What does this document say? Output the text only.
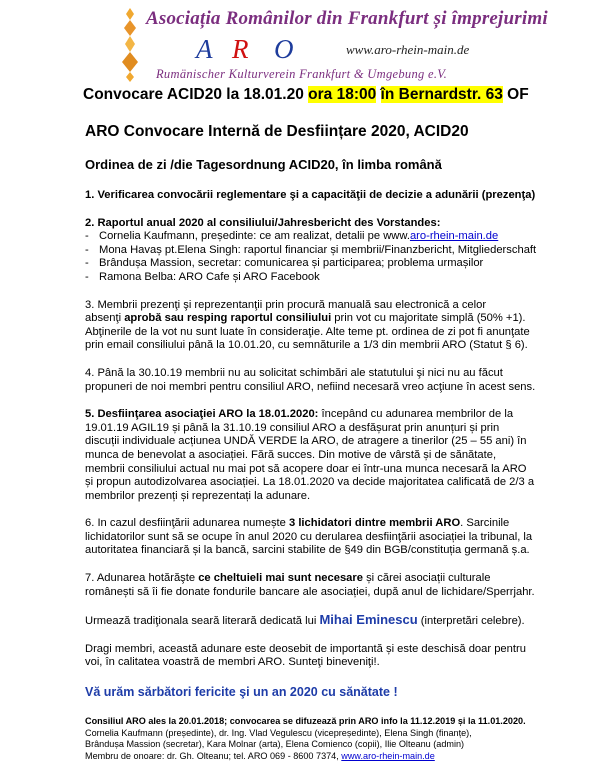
Asociația Românilor din Frankfurt și împrejurimi
A R O	www.aro-rhein-main.de
Rumänischer Kulturverein Frankfurt & Umgebung e.V.
Convocare ACID20 la 18.01.20 ora 18:00 în Bernardstr. 63 OF
ARO Convocare Internă de Desființare 2020, ACID20
Ordinea de zi /die Tagesordnung ACID20, în limba română

1. Verificarea convocării reglementare şi a capacităţii de decizie a adunării (prezenţa)

2. Raportul anual 2020 al consiliului/Jahresbericht des Vorstandes:
- Cornelia Kaufmann, președinte: ce am realizat, detalii pe www.aro-rhein-main.de
- Mona Havaș pt.Elena Singh: raportul financiar și membrii/Finanzbericht, Mitgliederschaft
- Brândușa Massion, secretar: comunicarea și participarea; problema urmașilor
- Ramona Belba: ARO Cafe și ARO Facebook

3. Membrii prezenţi şi reprezentanţii prin procură manuală sau electronică a celor
absenţi aprobă sau resping raportul consiliului prin vot cu majoritate simplă (50% +1).
Abţinerile de la vot nu sunt luate în consideraţie. Alte teme pt. ordinea de zi pot fi anunţate
prin email consiliului până la 10.01.20, cu semnăturile a 1/3 din membrii ARO (Statut § 6).

4. Până la 30.10.19 membrii nu au solicitat schimbări ale statutului şi nici nu au făcut
propuneri de noi membri pentru consiliul ARO, nefiind necesară vreo acţiune în acest sens.

5. Desfiinţarea asociaţiei ARO la 18.01.2020: începând cu adunarea membrilor de la
19.01.19 AGIL19 și până la 31.10.19 consiliul ARO a desfășurat prin anunțuri și prin
discuții individuale acțiunea UNDĂ VERDE la ARO, de atragere a tinerilor (25 – 55 ani) în
munca de benevolat a asociației. Fără succes. Din motive de vârstă și de sănătate,
membrii consiliului actual nu mai pot să acopere doar ei într-una munca necesară la ARO
și propun autodizolvarea asociației. La 18.01.2020 va decide majoritatea calificată de 2/3 a
membrilor prezenți și reprezentați la adunare.

6. In cazul desfiinţării adunarea numește 3 lichidatori dintre membrii ARO. Sarcinile
lichidatorilor sunt să se ocupe în anul 2020 cu derularea desfiinţării asociației la tribunal, la
autoritatea financiară și la bancă, sarcini stabilite de §49 din BGB/constituția germană ș.a.

7. Adunarea hotărăşte ce cheltuieli mai sunt necesare și cărei asociații culturale
românești să îi fie donate fondurile bancare ale asociației, după anul de lichidare/Sperrjahr.

Urmează tradiţionala seară literară dedicată lui Mihai Eminescu (interpretări celebre).

Dragi membri, această adunare este deosebit de importantă și este deschisă doar pentru
voi, în calitatea voastră de membri ARO. Sunteţi bineveniţi!.

Vă urăm sărbători fericite şi un an 2020 cu sănătate !
Consiliul ARO ales la 20.01.2018; convocarea se difuzează prin ARO info la 11.12.2019 și la 11.01.2020.
Cornelia Kaufmann (președinte), dr. Ing. Vlad Vegulescu (vicepreședinte), Elena Singh (finanțe),
Brândușa Massion (secretar), Kara Molnar (arta), Elena Comienco (copii), Ilie Olteanu (admin)
Membru de onoare: dr. Gh. Olteanu; tel. ARO 069 - 8600 7374, www.aro-rhein-main.de
